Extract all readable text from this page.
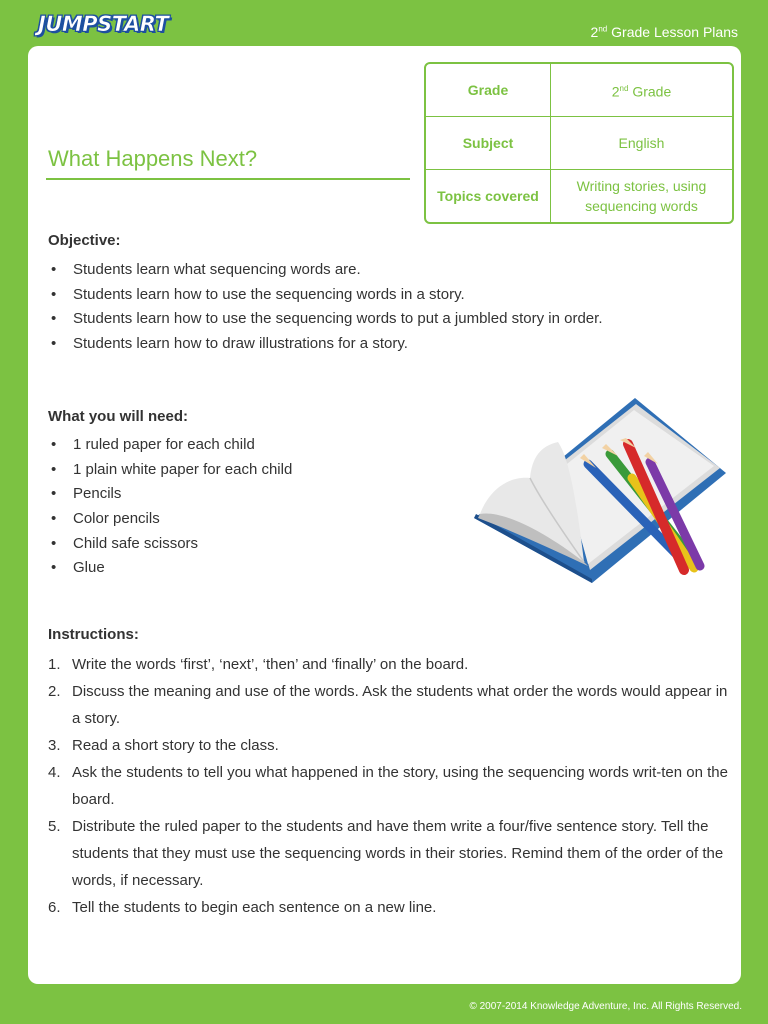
JUMPSTART	2nd Grade Lesson Plans
Grade	2nd Grade
Subject	English
Topics covered	Writing stories, using
sequencing words
What Happens Next?
Objective:
• Students learn what sequencing words are.
• Students learn how to use the sequencing words in a story.
• Students learn how to use the sequencing words to put a jumbled story in order.
• Students learn how to draw illustrations for a story.
What you will need:
• 1 ruled paper for each child
• 1 plain white paper for each child
• Pencils
• Color pencils
• Child safe scissors
• Glue
Instructions:
1. Write the words ‘first’, ‘next’, ‘then’ and ‘finally’ on the board.
2. Discuss the meaning and use of the words. Ask the students what order the words would appear in a story.
3. Read a short story to the class.
4. Ask the students to tell you what happened in the story, using the sequencing words writ-ten on the board.
5. Distribute the ruled paper to the students and have them write a four/five sentence story. Tell the students that they must use the sequencing words in their stories. Remind them of the order of the words, if necessary.
6. Tell the students to begin each sentence on a new line.
© 2007-2014 Knowledge Adventure, Inc. All Rights Reserved.
